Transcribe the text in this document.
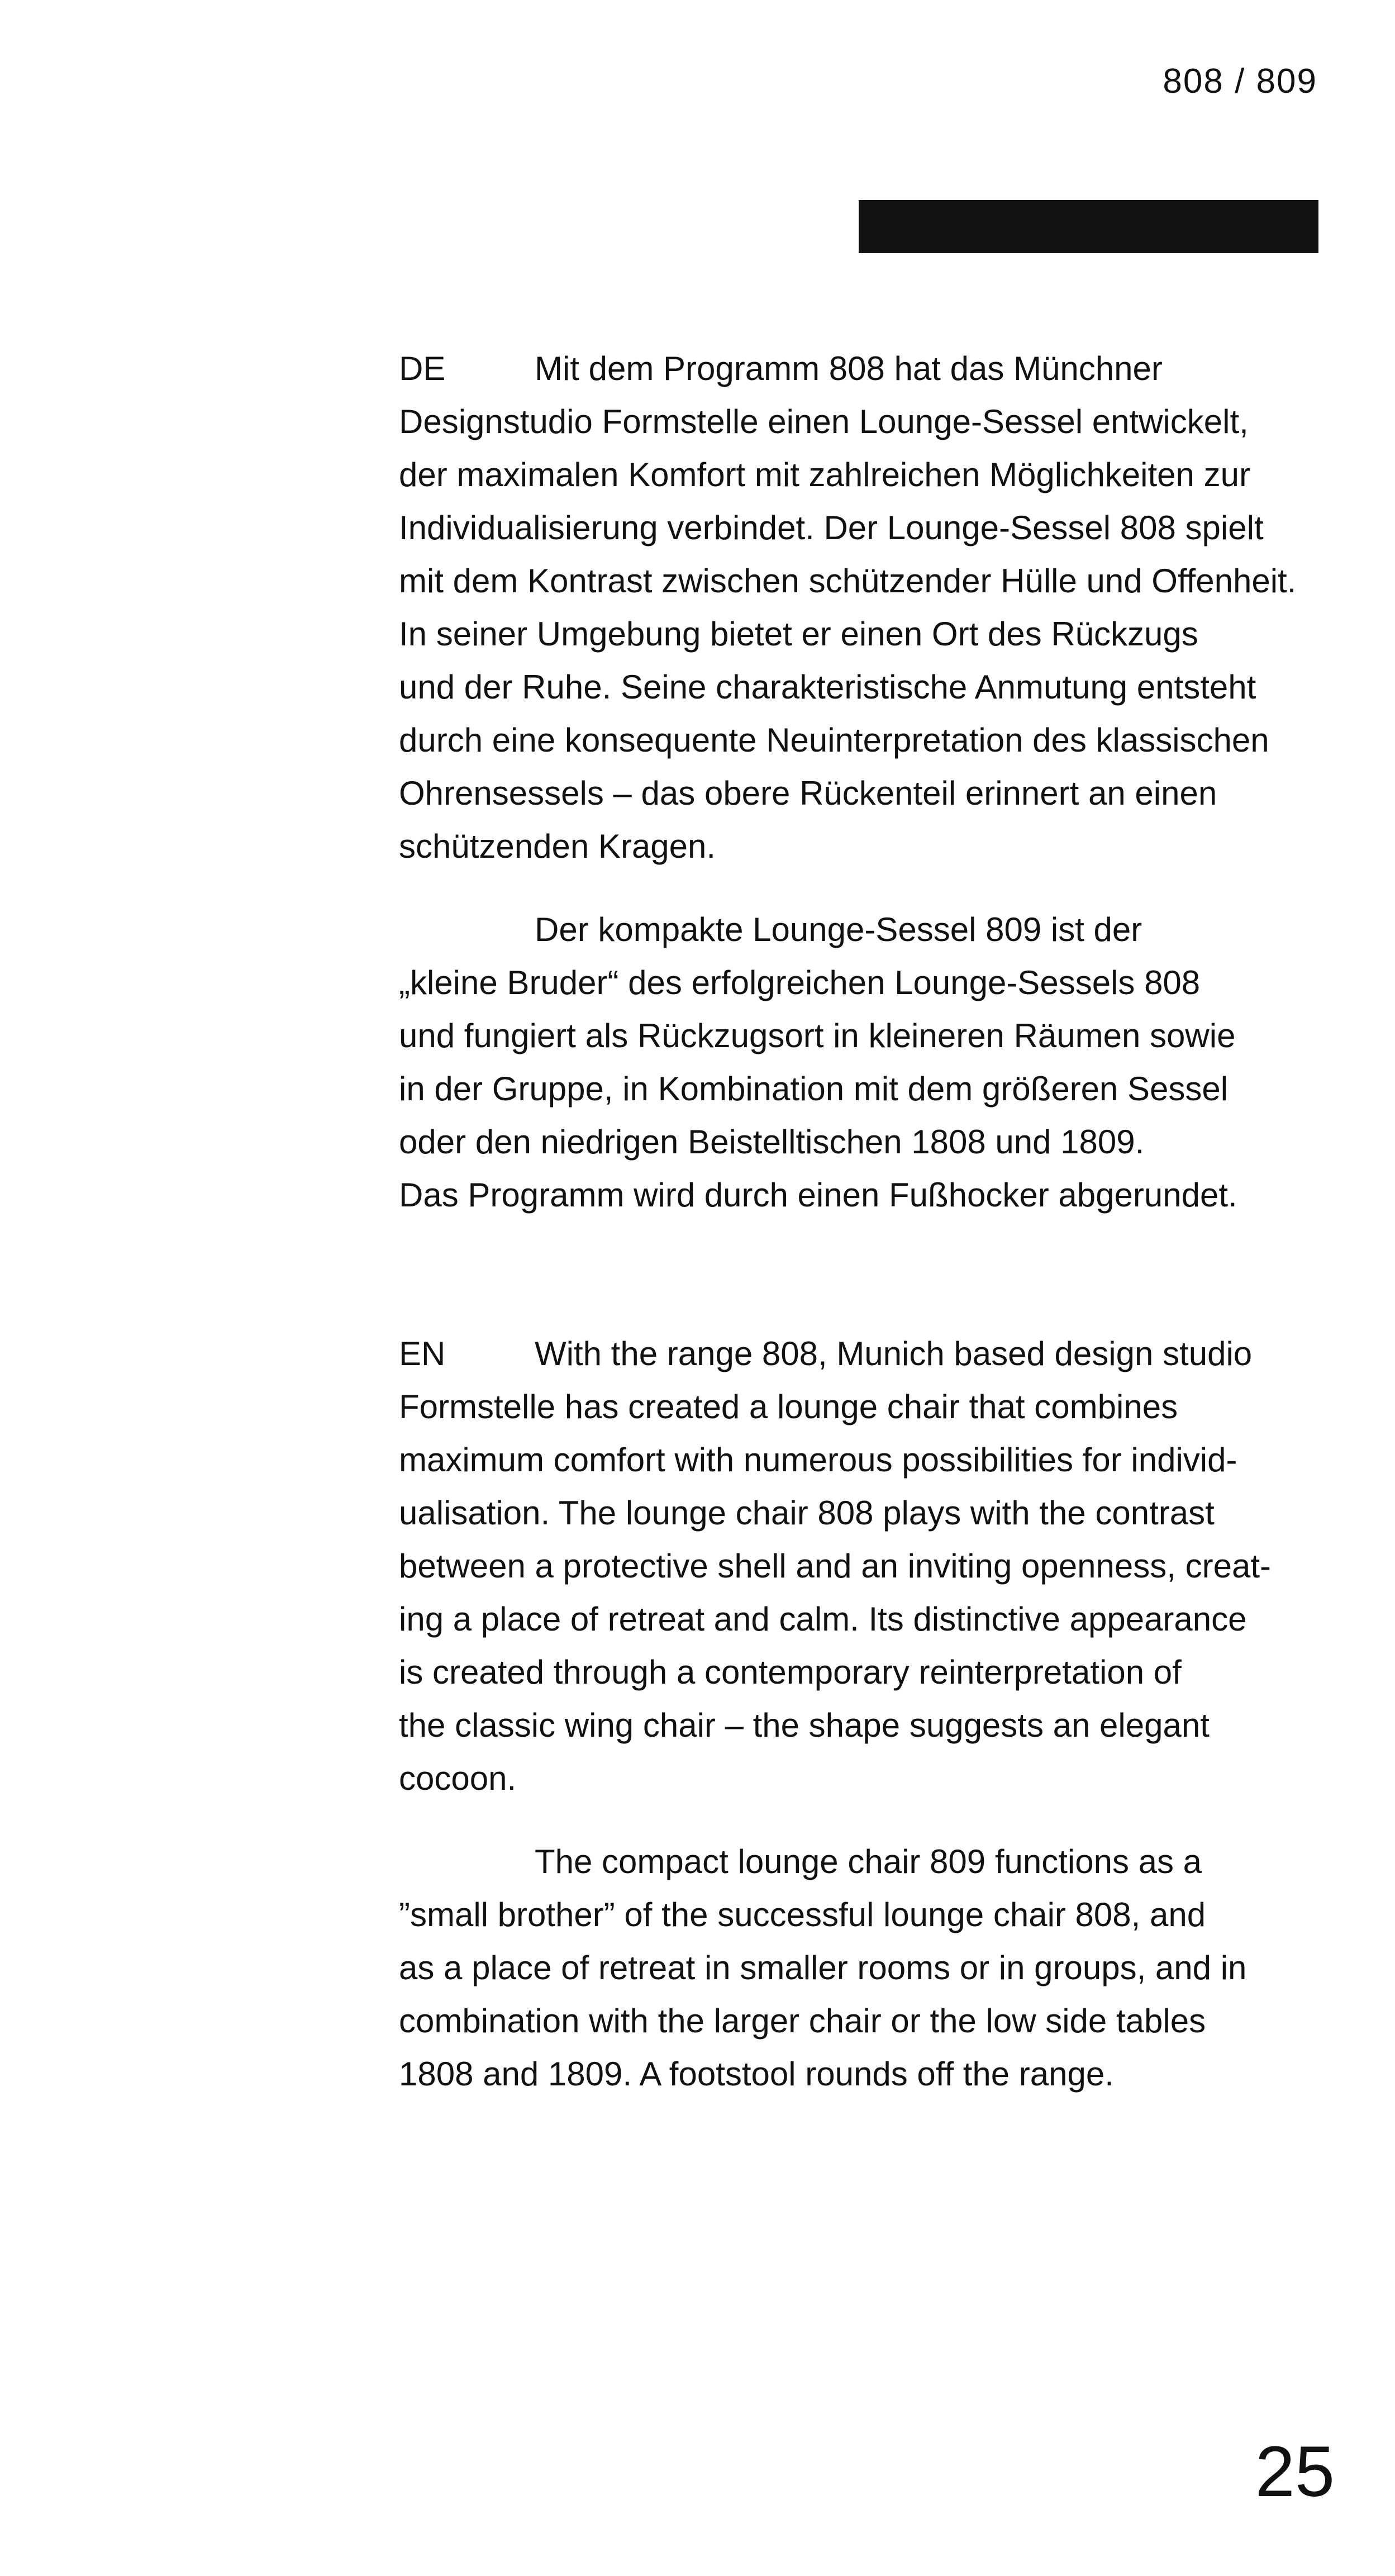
808 / 809

DE	Mit dem Programm 808 hat das Münchner
Designstudio Formstelle einen Lounge-Sessel entwickelt,
der maximalen Komfort mit zahlreichen Möglichkeiten zur
Individualisierung verbindet. Der Lounge-Sessel 808 spielt
mit dem Kontrast zwischen schützender Hülle und Offenheit.
In seiner Umgebung bietet er einen Ort des Rückzugs
und der Ruhe. Seine charakteristische Anmutung entsteht
durch eine konsequente Neuinterpretation des klassischen
Ohrensessels – das obere Rückenteil erinnert an einen
schützenden Kragen.

Der kompakte Lounge-Sessel 809 ist der
„kleine Bruder“ des erfolgreichen Lounge-Sessels 808
und fungiert als Rückzugsort in kleineren Räumen sowie
in der Gruppe, in Kombination mit dem größeren Sessel
oder den niedrigen Beistelltischen 1808 und 1809.
Das Programm wird durch einen Fußhocker abgerundet.

EN	With the range 808, Munich based design studio
Formstelle has created a lounge chair that combines
maximum comfort with numerous possibilities for individ-
ualisation. The lounge chair 808 plays with the contrast
between a protective shell and an inviting openness, creat-
ing a place of retreat and calm. Its distinctive appearance
is created through a contemporary reinterpretation of
the classic wing chair – the shape suggests an elegant
cocoon.

The compact lounge chair 809 functions as a
”small brother” of the successful lounge chair 808, and
as a place of retreat in smaller rooms or in groups, and in
combination with the larger chair or the low side tables
1808 and 1809. A footstool rounds off the range.

25
